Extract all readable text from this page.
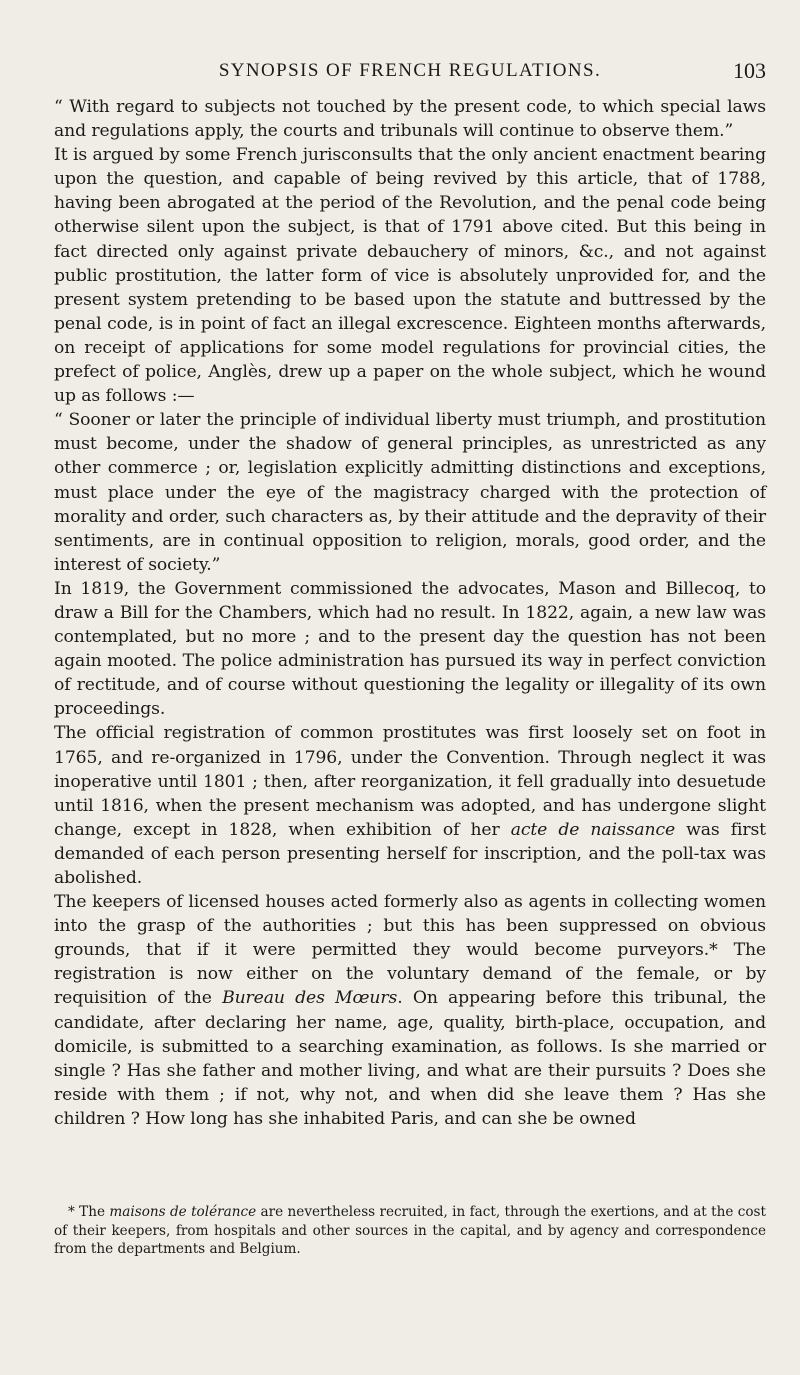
SYNOPSIS OF FRENCH REGULATIONS.	103

“ With regard to subjects not touched by the present code, to which special laws and regulations apply, the courts and tribunals will continue to observe them.”

It is argued by some French jurisconsults that the only ancient enactment bearing upon the question, and capable of being revived by this article, that of 1788, having been abrogated at the period of the Revolution, and the penal code being otherwise silent upon the subject, is that of 1791 above cited. But this being in fact directed only against private debauchery of minors, &c., and not against public prostitution, the latter form of vice is absolutely unprovided for, and the present system pretending to be based upon the statute and buttressed by the penal code, is in point of fact an illegal excrescence. Eighteen months afterwards, on receipt of applications for some model regulations for provincial cities, the prefect of police, Anglès, drew up a paper on the whole subject, which he wound up as follows :—

“ Sooner or later the principle of individual liberty must triumph, and prostitution must become, under the shadow of general principles, as unrestricted as any other commerce ; or, legislation explicitly admitting distinctions and exceptions, must place under the eye of the magistracy charged with the protection of morality and order, such characters as, by their attitude and the depravity of their sentiments, are in continual opposition to religion, morals, good order, and the interest of society.”

In 1819, the Government commissioned the advocates, Mason and Billecoq, to draw a Bill for the Chambers, which had no result. In 1822, again, a new law was contemplated, but no more ; and to the present day the question has not been again mooted. The police administration has pursued its way in perfect conviction of rectitude, and of course without questioning the legality or illegality of its own proceedings.

The official registration of common prostitutes was first loosely set on foot in 1765, and re-organized in 1796, under the Convention. Through neglect it was inoperative until 1801 ; then, after reorganization, it fell gradually into desuetude until 1816, when the present mechanism was adopted, and has undergone slight change, except in 1828, when exhibition of her acte de naissance was first demanded of each person presenting herself for inscription, and the poll-tax was abolished.

The keepers of licensed houses acted formerly also as agents in collecting women into the grasp of the authorities ; but this has been suppressed on obvious grounds, that if it were permitted they would become purveyors.* The registration is now either on the voluntary demand of the female, or by requisition of the Bureau des Mœurs. On appearing before this tribunal, the candidate, after declaring her name, age, quality, birth-place, occupation, and domicile, is submitted to a searching examination, as follows. Is she married or single ? Has she father and mother living, and what are their pursuits ? Does she reside with them ; if not, why not, and when did she leave them ? Has she children ? How long has she inhabited Paris, and can she be owned

* The maisons de tolérance are nevertheless recruited, in fact, through the exertions, and at the cost of their keepers, from hospitals and other sources in the capital, and by agency and correspondence from the departments and Belgium.
